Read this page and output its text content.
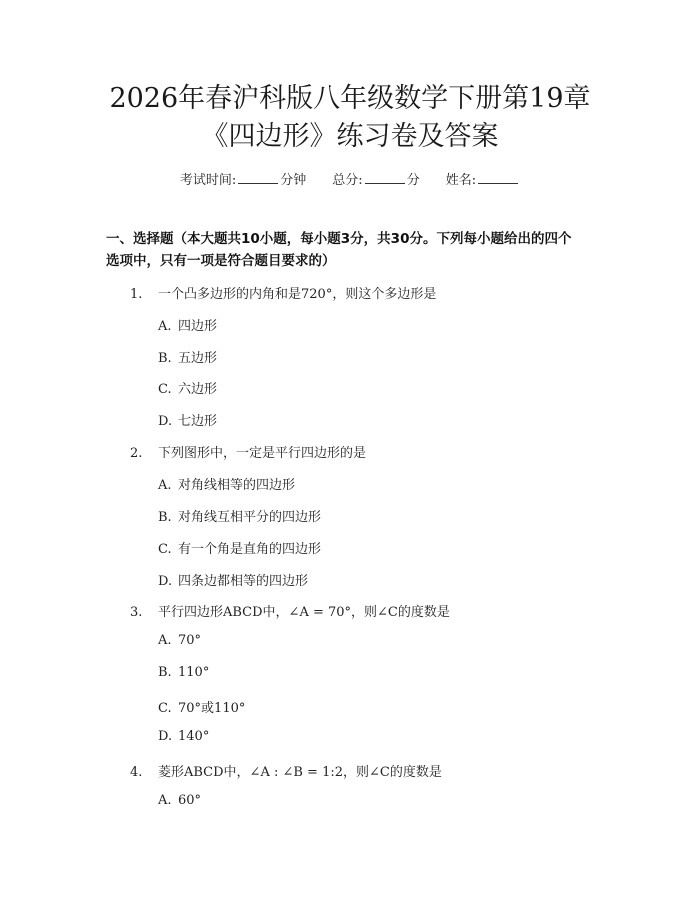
2026年春沪科版八年级数学下册第19章
《四边形》练习卷及答案
考试时间:	分钟 总分:	分 姓名:
一、选择题（本大题共10小题，每小题3分，共30分。下列每小题给出的四个
选项中，只有一项是符合题目要求的）
1. 一个凸多边形的内角和是720°，则这个多边形是
A. 四边形
B. 五边形
C. 六边形
D. 七边形
2. 下列图形中，一定是平行四边形的是
A. 对角线相等的四边形
B. 对角线互相平分的四边形
C. 有一个角是直角的四边形
D. 四条边都相等的四边形
3. 平行四边形ABCD中，∠A = 70°，则∠C的度数是
A. 70°
B. 110°
C. 70°或110°
D. 140°
4. 菱形ABCD中，∠A : ∠B = 1:2，则∠C的度数是
A. 60°
